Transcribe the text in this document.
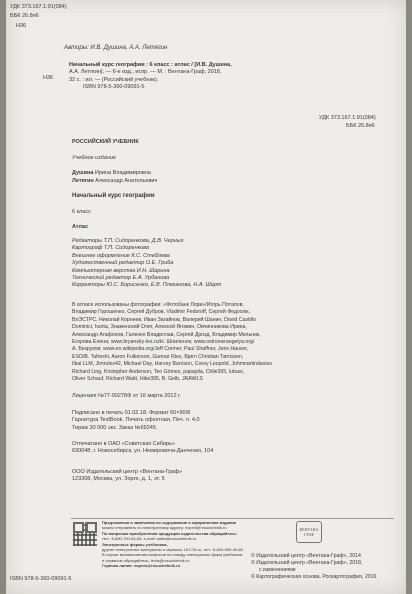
УДК 373.167.1:91(084)
ББК 26.8я6
Н36
Авторы: И.В. Душина, А.А. Летягин
Н36
Начальный курс географии : 6 класс : атлас / [И.В. Душина,
А.А. Летягин]. — 6-е изд., испр. — М. : Вентана-Граф, 2018,
32 с. : ил. — (Российский учебник).
ISBN 978-5-360-09091-5
УДК 373.167.1:91(084)
ББК 26.8я6
РОССИЙСКИЙ УЧЕБНИК
Учебное издание
Душина Ирина Владимировна
Летягин Александр Анатольевич
Начальный курс географии
6 класс
Атлас
Редакторы Т.П. Сидоренкова, Д.В. Черных
Картограф Т.П. Сидоренкова
Внешнее оформление К.С. Стеблева
Художественный редактор О.Е. Гриба
Компьютерная верстка И.Н. Шарина
Технический редактор Е.А. Урбанова
Корректоры Ю.С. Борисенко, Е.В. Плеханова, Н.А. Шарт
В атласе использованы фотографии: «Фотобанк Лори»/Игорь Потапов,
Владимир Горошенко, Сергей Дубров, Vladimir Fedoroff, Сергей Федосюк,
ВлЭСТРС, Николай Корнеев, Иван Загайнов, Валерий Шанин, David Castillo
Dominici, hunta, Знаменский Олег, Алексей Ягомин, Овчинникова Ирина,
Александр Агафонов, Галенко Владислав, Сергей Дрозд, Владимир Мельник,
Егорова Елена; www.bryansky-les.ru/Н. Шпиленок; www.ostrovwrangelya.org/
А. Безруков; www.en.wikipedia.org/Jeff Cremer, Paul Shaffner, Jens Hauser,
ESO/B. Tafreshi, Aaron Fulkerson, Gunnar Ries, Bjørn Christian Tørrissen,
Ilkai LLM, Jimrules42, Michael Day, Harvey Barrison, Corey Leopold, Johnmartindavies
Richard Ling, Kristopher Anderson, Teo Gómez, papayita, Chile365, lubasi,
Oliver Schauf, Richard Waitt, Hike395, B. Gelb, JRAWLS
Лицензия №77-00278Ф от 16 марта 2012 г.
Подписано в печать 01.02.18. Формат 60×90/8
Гарнитура TextBook. Печать офсетная. Печ. л. 4,0
Тираж 30 000 экз. Заказ №69245.
Отпечатано в ОАО «Советская Сибирь»
630048, г. Новосибирск, ул. Немировича-Данченко, 104
ООО Издательский центр «Вентана-Граф»
123308, Москва, ул. Зорге, д. 1, эт. 5
ВЕНТАНА
ГРАФ
Предложения и замечания по содержанию и оформлению издания
можно отправлять по электронному адресу: expert@rosuchebnik.ru
По вопросам приобретения продукции издательства обращайтесь:
тел.: 8-800-700-64-83; e-mail: sales@rosuchebnik.ru
Электронные формы учебников,
другие электронные материалы и сервисы: LECTA.ru, тел.: 8-800-555-46-68
В случае возникновения вопросов по поводу электронных форм учебников
и сервисов обращайтесь: lecta@rosuchebnik.ru
Горячая линия: vopros@rosuchebnik.ru
© Издательский центр «Вентана-Граф», 2014
© Издательский центр «Вентана-Граф», 2018,
с изменениями
© Картографическая основа. Роскартография, 2016
ISBN 978-5-360-09091-5
